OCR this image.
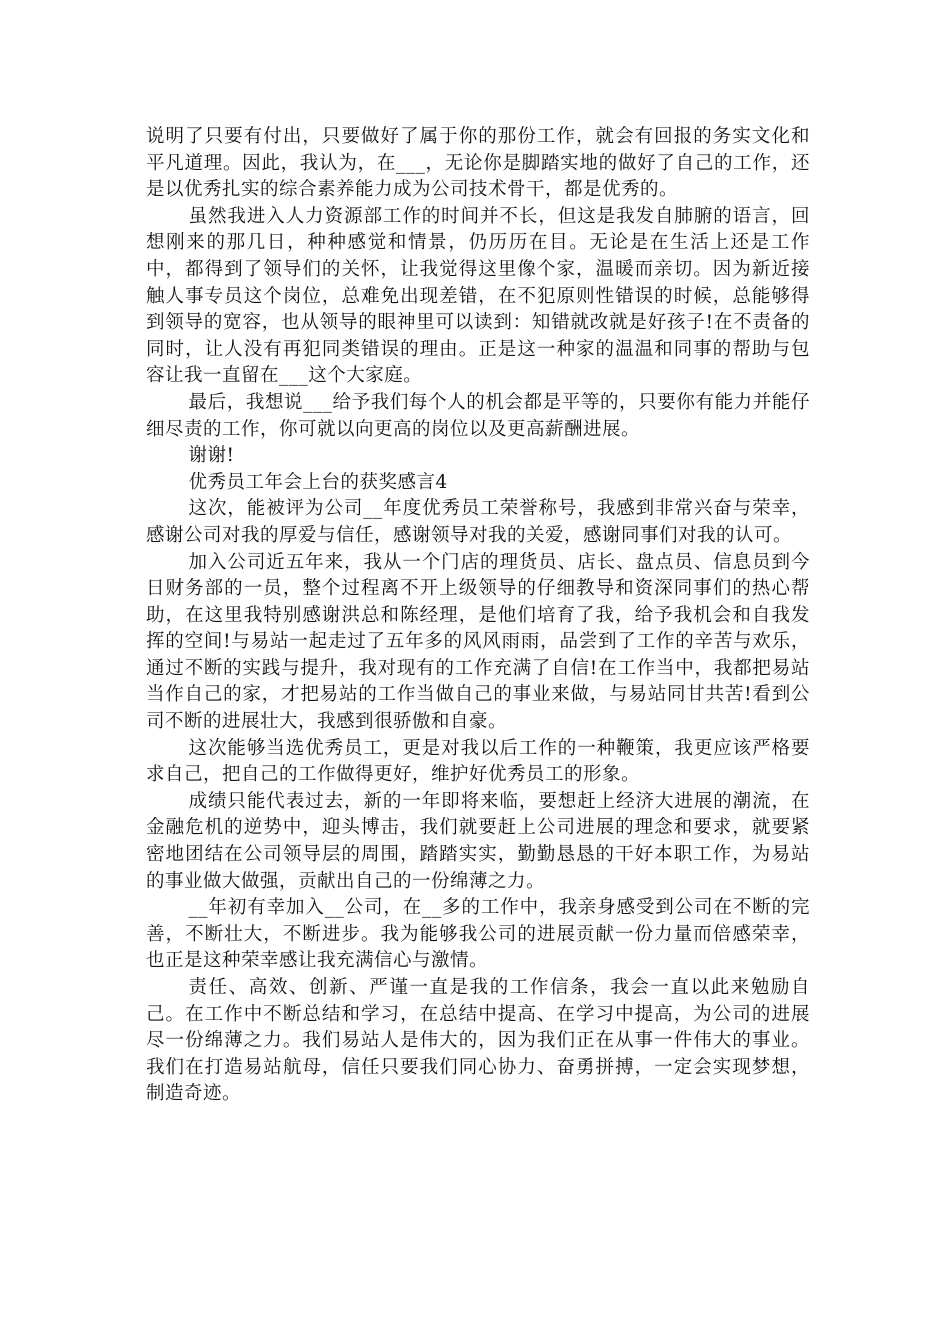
说明了只要有付出，只要做好了属于你的那份工作，就会有回报的务实文化和平凡道理。因此，我认为，在___，无论你是脚踏实地的做好了自己的工作，还是以优秀扎实的综合素养能力成为公司技术骨干，都是优秀的。

虽然我进入人力资源部工作的时间并不长，但这是我发自肺腑的语言，回想刚来的那几日，种种感觉和情景，仍历历在目。无论是在生活上还是工作中，都得到了领导们的关怀，让我觉得这里像个家，温暖而亲切。因为新近接触人事专员这个岗位，总难免出现差错，在不犯原则性错误的时候，总能够得到领导的宽容，也从领导的眼神里可以读到：知错就改就是好孩子!在不责备的同时，让人没有再犯同类错误的理由。正是这一种家的温温和同事的帮助与包容让我一直留在___这个大家庭。

最后，我想说___给予我们每个人的机会都是平等的，只要你有能力并能仔细尽责的工作，你可就以向更高的岗位以及更高薪酬进展。

谢谢!

优秀员工年会上台的获奖感言4

这次，能被评为公司__年度优秀员工荣誉称号，我感到非常兴奋与荣幸，感谢公司对我的厚爱与信任，感谢领导对我的关爱，感谢同事们对我的认可。

加入公司近五年来，我从一个门店的理货员、店长、盘点员、信息员到今日财务部的一员，整个过程离不开上级领导的仔细教导和资深同事们的热心帮助，在这里我特别感谢洪总和陈经理，是他们培育了我，给予我机会和自我发挥的空间!与易站一起走过了五年多的风风雨雨，品尝到了工作的辛苦与欢乐，通过不断的实践与提升，我对现有的工作充满了自信!在工作当中，我都把易站当作自己的家，才把易站的工作当做自己的事业来做，与易站同甘共苦!看到公司不断的进展壮大，我感到很骄傲和自豪。

这次能够当选优秀员工，更是对我以后工作的一种鞭策，我更应该严格要求自己，把自己的工作做得更好，维护好优秀员工的形象。

成绩只能代表过去，新的一年即将来临，要想赶上经济大进展的潮流，在金融危机的逆势中，迎头博击，我们就要赶上公司进展的理念和要求，就要紧密地团结在公司领导层的周围，踏踏实实，勤勤恳恳的干好本职工作，为易站的事业做大做强，贡献出自己的一份绵薄之力。

__年初有幸加入__公司，在__多的工作中，我亲身感受到公司在不断的完善，不断壮大，不断进步。我为能够我公司的进展贡献一份力量而倍感荣幸，也正是这种荣幸感让我充满信心与激情。

责任、高效、创新、严谨一直是我的工作信条，我会一直以此来勉励自己。在工作中不断总结和学习，在总结中提高、在学习中提高，为公司的进展尽一份绵薄之力。我们易站人是伟大的，因为我们正在从事一件伟大的事业。我们在打造易站航母，信任只要我们同心协力、奋勇拼搏，一定会实现梦想，制造奇迹。
